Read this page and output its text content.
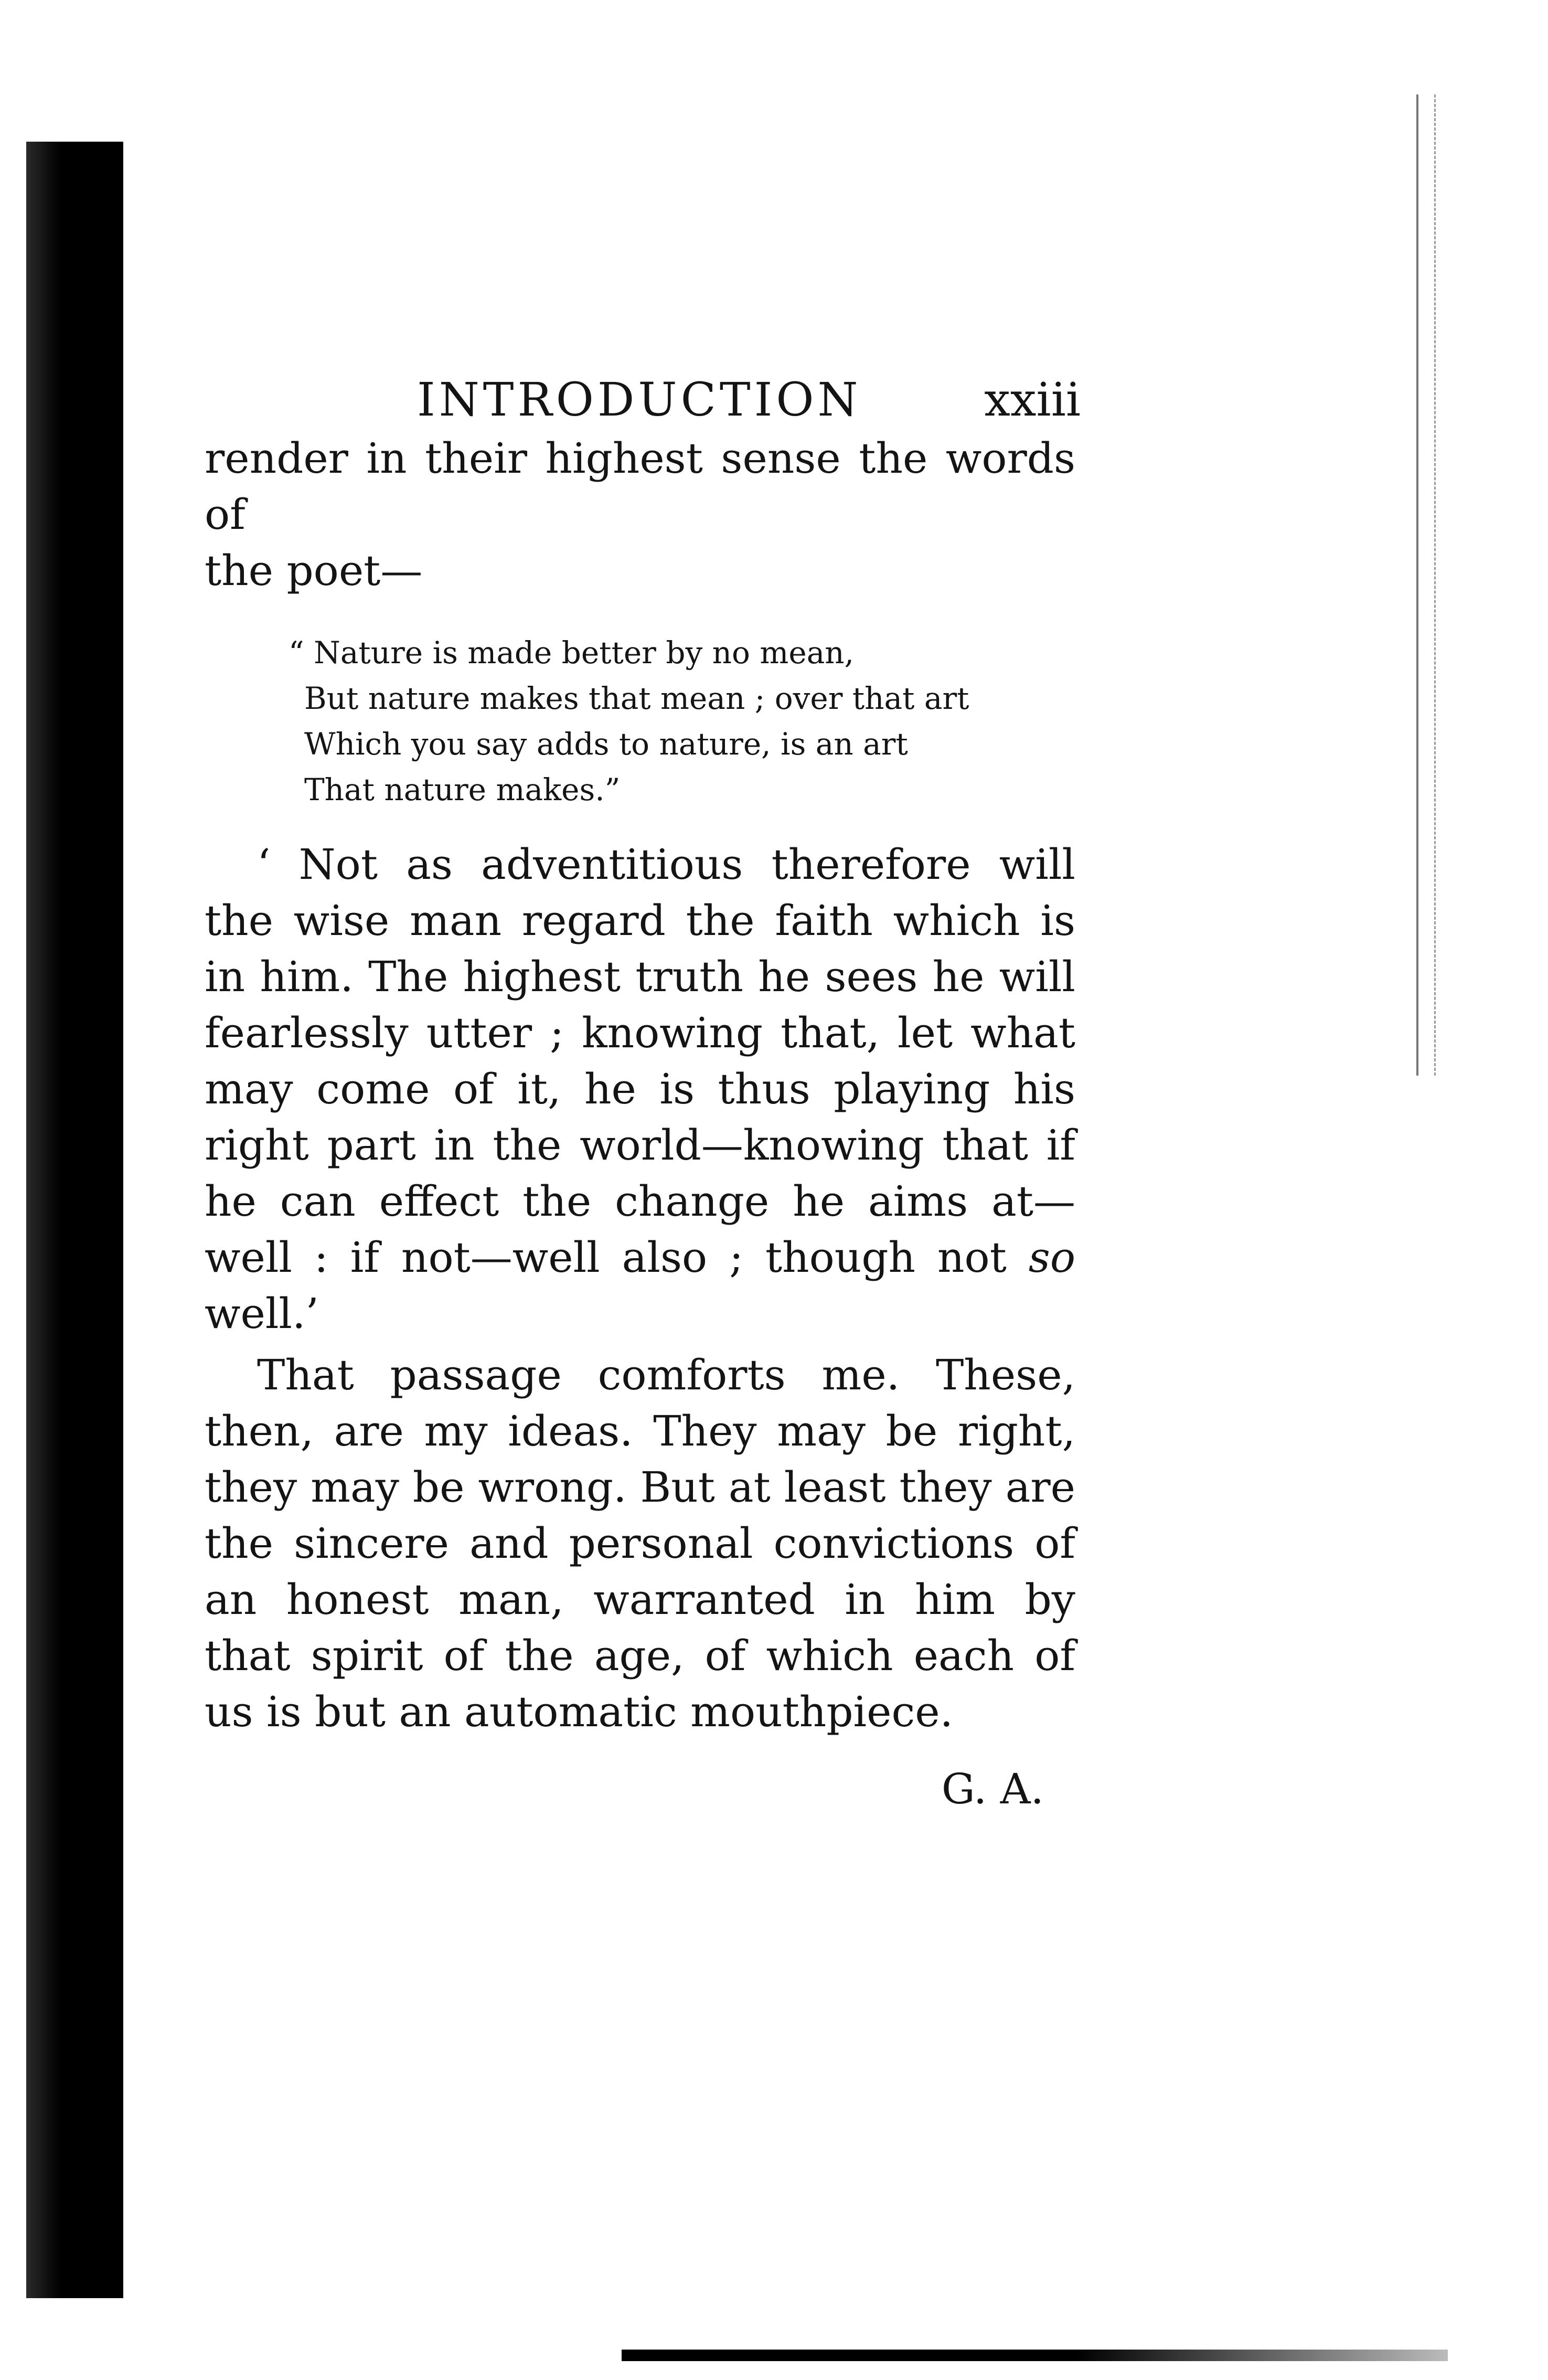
INTRODUCTION	xxiii
render in their highest sense the words of
the poet—
“ Nature is made better by no mean,
But nature makes that mean ; over that art
Which you say adds to nature, is an art
That nature makes.”

‘ Not as adventitious therefore will the wise man regard the faith which is in him. The highest truth he sees he will fearlessly utter ; knowing that, let what may come of it, he is thus playing his right part in the world—knowing that if he can effect the change he aims at—well : if not—well also ; though not so well.’

That passage comforts me. These, then, are my ideas. They may be right, they may be wrong. But at least they are the sincere and personal convictions of an honest man, warranted in him by that spirit of the age, of which each of us is but an automatic mouthpiece.

G. A.
